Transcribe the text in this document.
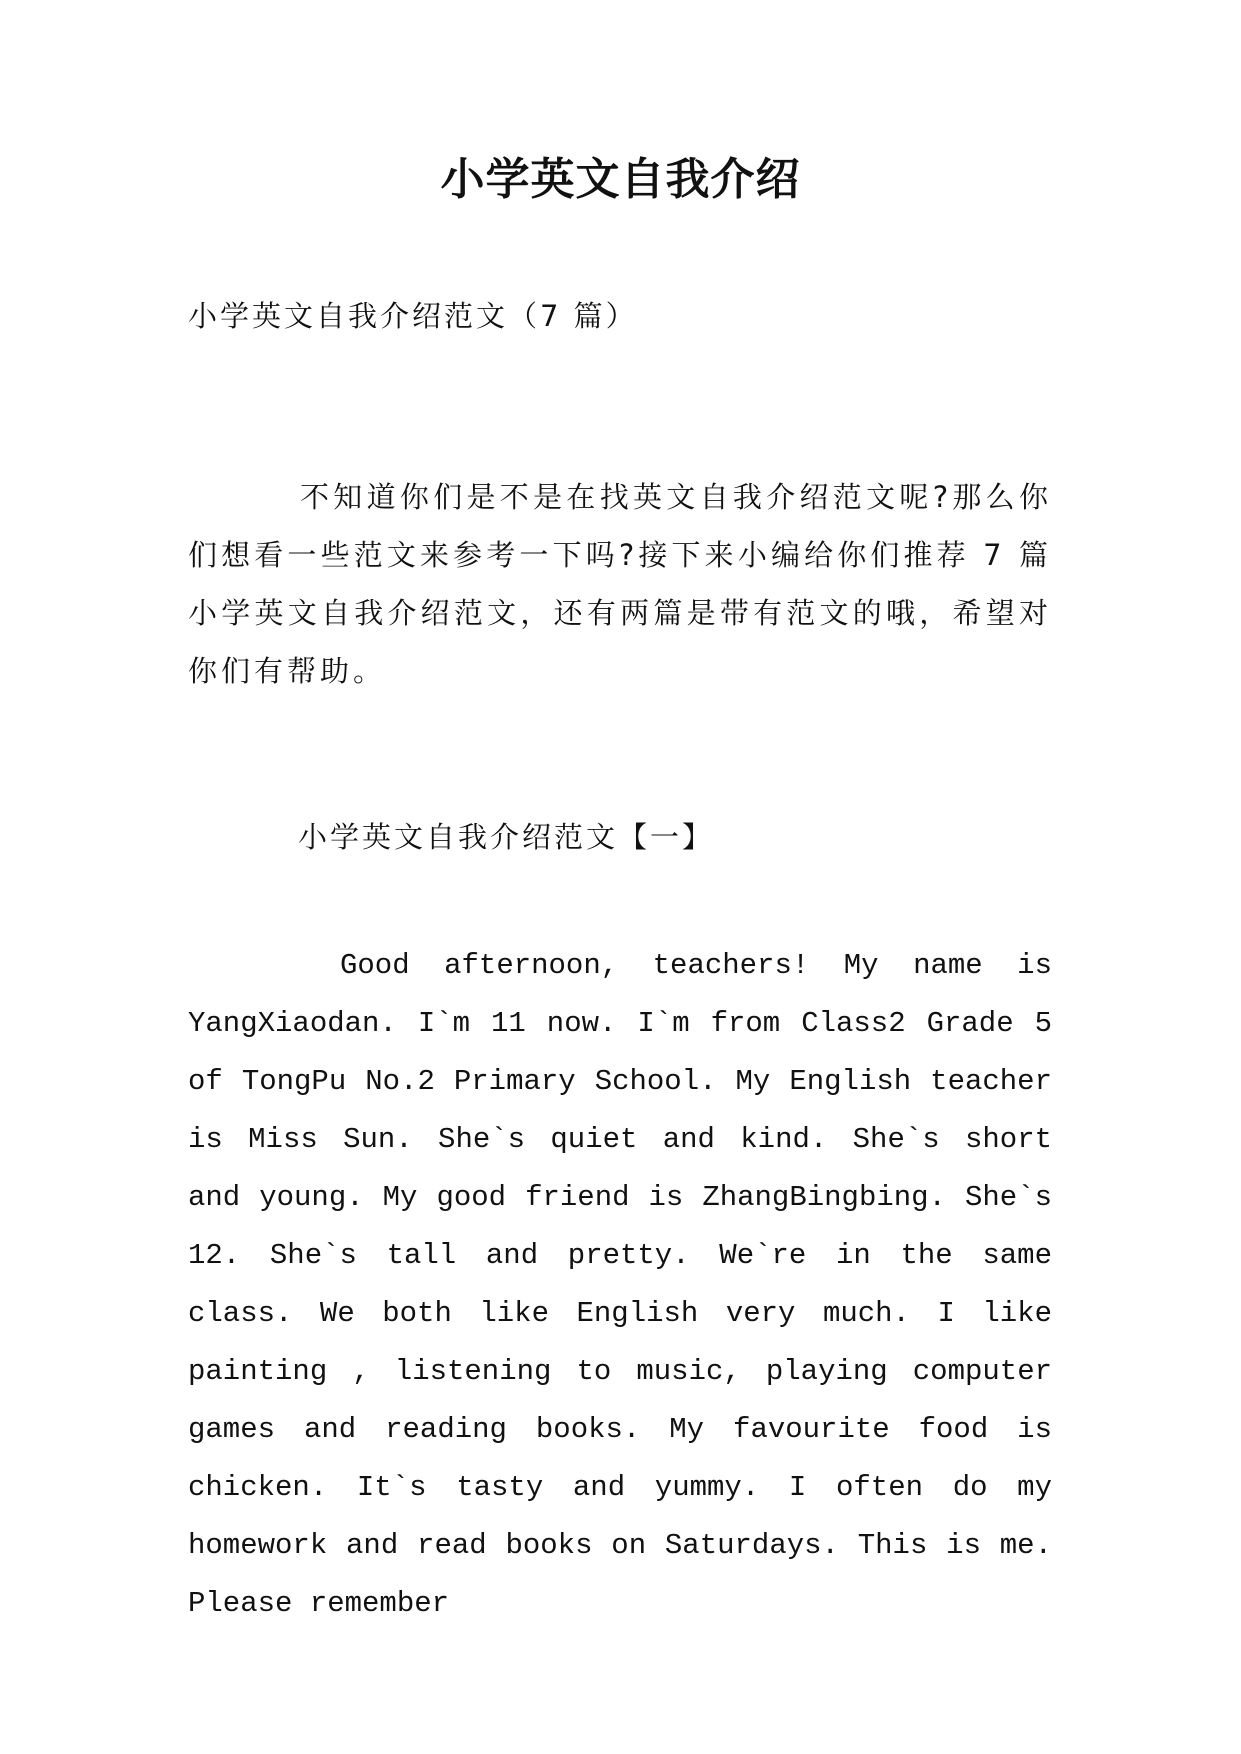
小学英文自我介绍
小学英文自我介绍范文（7 篇）

不知道你们是不是在找英文自我介绍范文呢?那么你们想看一些范文来参考一下吗?接下来小编给你们推荐 7 篇小学英文自我介绍范文，还有两篇是带有范文的哦，希望对你们有帮助。

小学英文自我介绍范文【一】

Good afternoon, teachers! My name is YangXiaodan. I`m 11 now. I`m from Class2 Grade 5 of TongPu No.2 Primary School. My English teacher is Miss Sun. She`s quiet and kind. She`s short and young. My good friend is ZhangBingbing. She`s 12. She`s tall and pretty. We`re in the same class. We both like English very much. I like painting , listening to music, playing computer games and reading books. My favourite food is chicken. It`s tasty and yummy. I often do my homework and read books on Saturdays. This is me. Please remember
